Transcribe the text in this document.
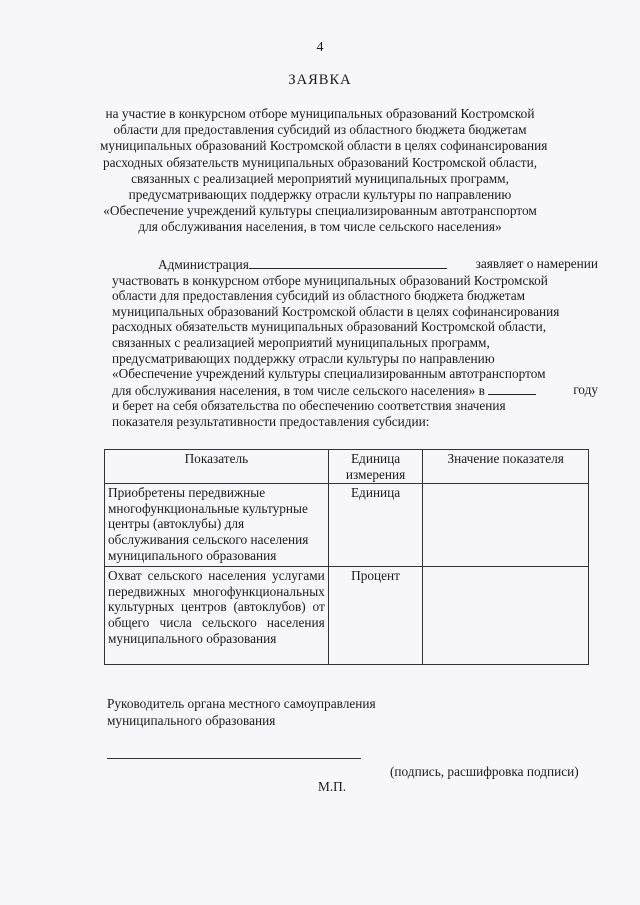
4
ЗАЯВКА
на участие в конкурсном отборе муниципальных образований Костромской
области для предоставления субсидий из областного бюджета бюджетам
муниципальных образований Костромской области в целях софинансирования
расходных обязательств муниципальных образований Костромской области,
связанных с реализацией мероприятий муниципальных программ,
предусматривающих поддержку отрасли культуры по направлению
«Обеспечение учреждений культуры специализированным автотранспортом
для обслуживания населения, в том числе сельского населения»
Администрация	заявляет о намерении
участвовать в конкурсном отборе муниципальных образований Костромской
области для предоставления субсидий из областного бюджета бюджетам
муниципальных образований Костромской области в целях софинансирования
расходных обязательств муниципальных образований Костромской области,
связанных с реализацией мероприятий муниципальных программ,
предусматривающих поддержку отрасли культуры по направлению
«Обеспечение учреждений культуры специализированным автотранспортом
для обслуживания населения, в том числе сельского населения» в	году
и берет на себя обязательства по обеспечению соответствия значения
показателя результативности предоставления субсидии:
Показатель	Единица измерения	Значение показателя
Приобретены передвижные многофункциональные культурные центры (автоклубы) для обслуживания сельского населения муниципального образования	Единица	
Охват сельского населения услугами передвижных многофункциональных культурных центров (автоклубов) от общего числа сельского населения муниципального образования	Процент	
Руководитель органа местного самоуправления
муниципального образования
(подпись, расшифровка подписи)
М.П.
